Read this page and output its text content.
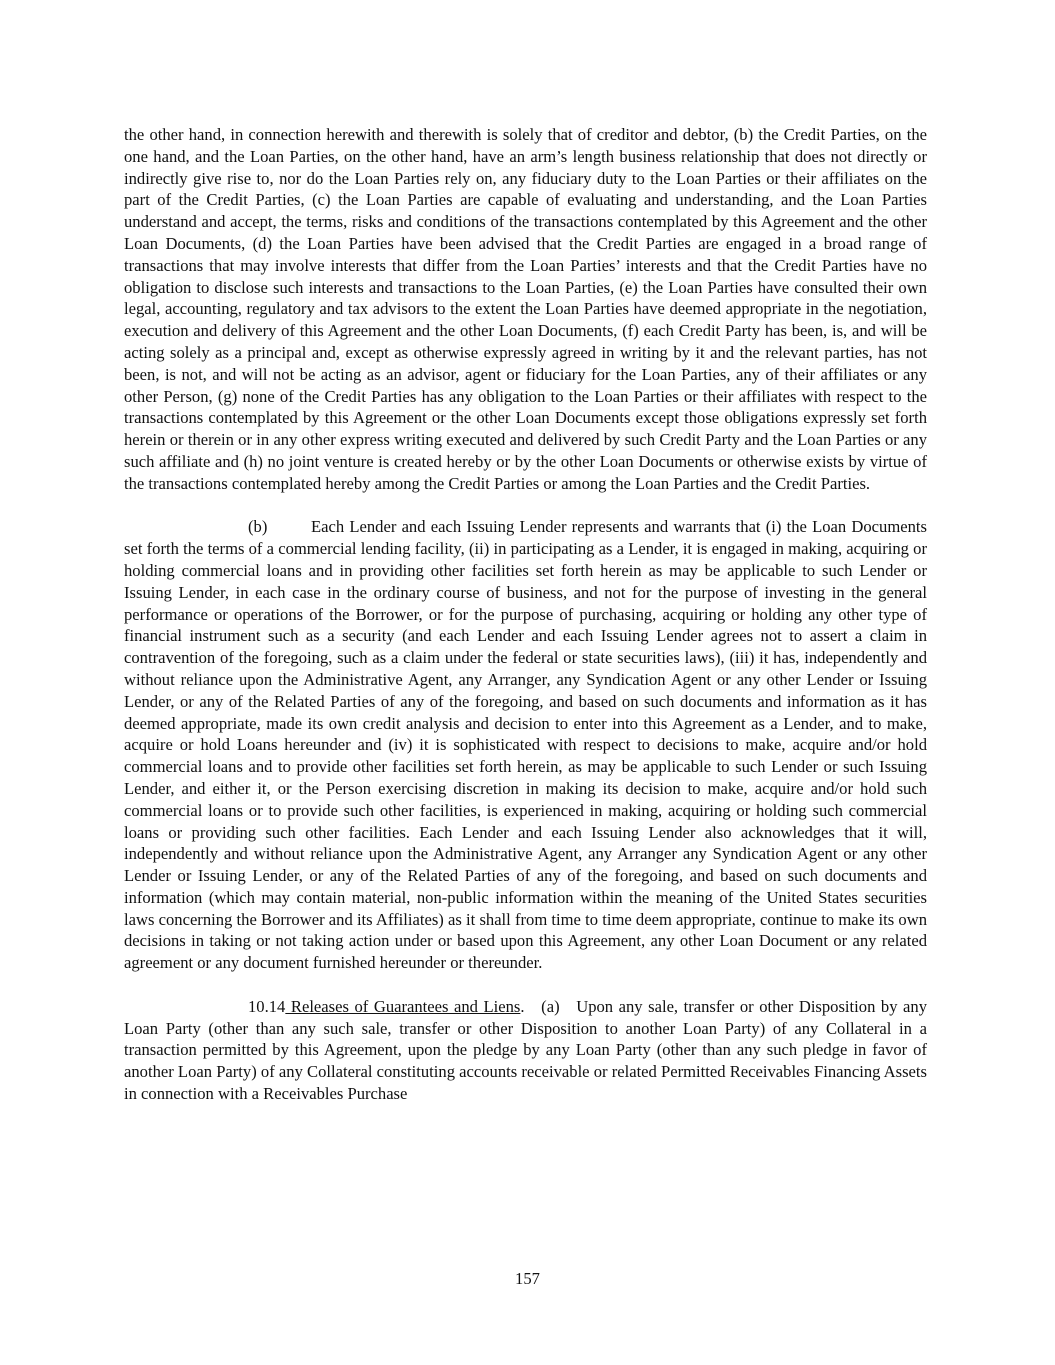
the other hand, in connection herewith and therewith is solely that of creditor and debtor, (b) the Credit Parties, on the one hand, and the Loan Parties, on the other hand, have an arm’s length business relationship that does not directly or indirectly give rise to, nor do the Loan Parties rely on, any fiduciary duty to the Loan Parties or their affiliates on the part of the Credit Parties, (c) the Loan Parties are capable of evaluating and understanding, and the Loan Parties understand and accept, the terms, risks and conditions of the transactions contemplated by this Agreement and the other Loan Documents, (d) the Loan Parties have been advised that the Credit Parties are engaged in a broad range of transactions that may involve interests that differ from the Loan Parties’ interests and that the Credit Parties have no obligation to disclose such interests and transactions to the Loan Parties, (e) the Loan Parties have consulted their own legal, accounting, regulatory and tax advisors to the extent the Loan Parties have deemed appropriate in the negotiation, execution and delivery of this Agreement and the other Loan Documents, (f) each Credit Party has been, is, and will be acting solely as a principal and, except as otherwise expressly agreed in writing by it and the relevant parties, has not been, is not, and will not be acting as an advisor, agent or fiduciary for the Loan Parties, any of their affiliates or any other Person, (g) none of the Credit Parties has any obligation to the Loan Parties or their affiliates with respect to the transactions contemplated by this Agreement or the other Loan Documents except those obligations expressly set forth herein or therein or in any other express writing executed and delivered by such Credit Party and the Loan Parties or any such affiliate and (h) no joint venture is created hereby or by the other Loan Documents or otherwise exists by virtue of the transactions contemplated hereby among the Credit Parties or among the Loan Parties and the Credit Parties.

(b)	Each Lender and each Issuing Lender represents and warrants that (i) the Loan Documents set forth the terms of a commercial lending facility, (ii) in participating as a Lender, it is engaged in making, acquiring or holding commercial loans and in providing other facilities set forth herein as may be applicable to such Lender or Issuing Lender, in each case in the ordinary course of business, and not for the purpose of investing in the general performance or operations of the Borrower, or for the purpose of purchasing, acquiring or holding any other type of financial instrument such as a security (and each Lender and each Issuing Lender agrees not to assert a claim in contravention of the foregoing, such as a claim under the federal or state securities laws), (iii) it has, independently and without reliance upon the Administrative Agent, any Arranger, any Syndication Agent or any other Lender or Issuing Lender, or any of the Related Parties of any of the foregoing, and based on such documents and information as it has deemed appropriate, made its own credit analysis and decision to enter into this Agreement as a Lender, and to make, acquire or hold Loans hereunder and (iv) it is sophisticated with respect to decisions to make, acquire and/or hold commercial loans and to provide other facilities set forth herein, as may be applicable to such Lender or such Issuing Lender, and either it, or the Person exercising discretion in making its decision to make, acquire and/or hold such commercial loans or to provide such other facilities, is experienced in making, acquiring or holding such commercial loans or providing such other facilities. Each Lender and each Issuing Lender also acknowledges that it will, independently and without reliance upon the Administrative Agent, any Arranger any Syndication Agent or any other Lender or Issuing Lender, or any of the Related Parties of any of the foregoing, and based on such documents and information (which may contain material, non-public information within the meaning of the United States securities laws concerning the Borrower and its Affiliates) as it shall from time to time deem appropriate, continue to make its own decisions in taking or not taking action under or based upon this Agreement, any other Loan Document or any related agreement or any document furnished hereunder or thereunder.

10.14 Releases of Guarantees and Liens. (a) Upon any sale, transfer or other Disposition by any Loan Party (other than any such sale, transfer or other Disposition to another Loan Party) of any Collateral in a transaction permitted by this Agreement, upon the pledge by any Loan Party (other than any such pledge in favor of another Loan Party) of any Collateral constituting accounts receivable or related Permitted Receivables Financing Assets in connection with a Receivables Purchase

157
